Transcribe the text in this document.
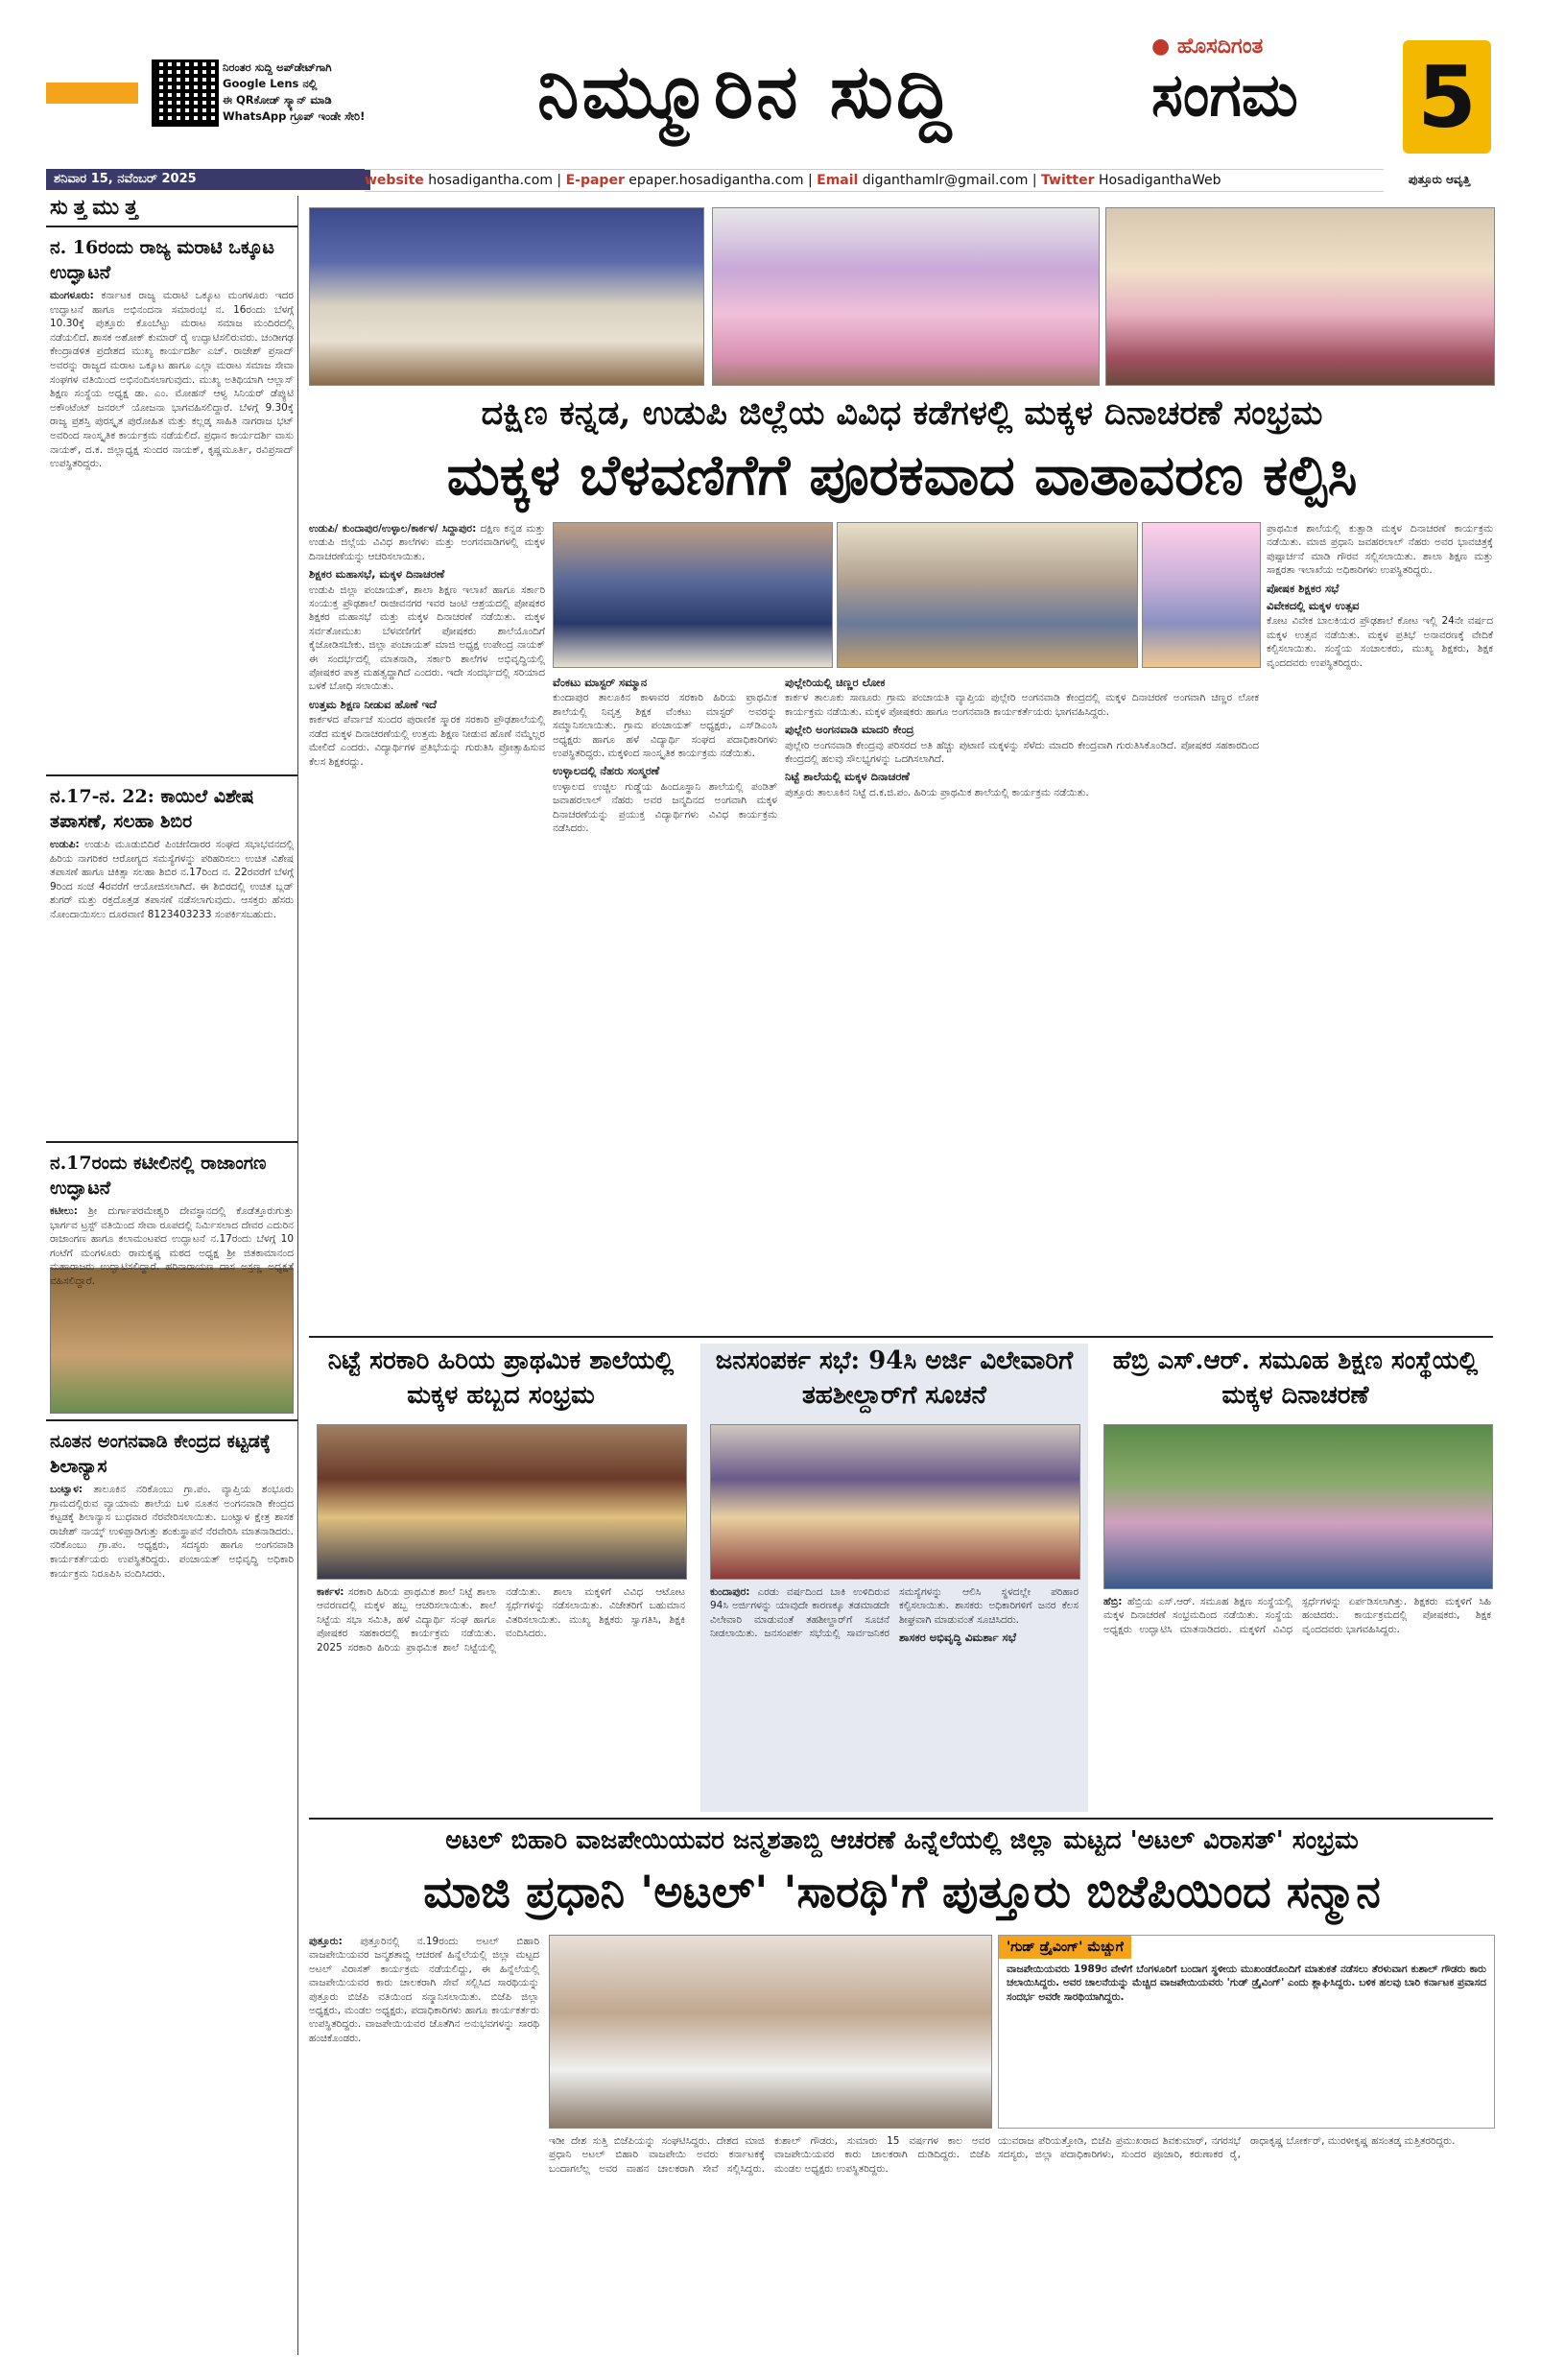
ನಿರಂತರ ಸುದ್ದಿ ಅಪ್‌ಡೇಟ್‌ಗಾಗಿ
Google Lens ನಲ್ಲಿ
ಈ QRಕೋಡ್ ಸ್ಕ್ಯಾನ್ ಮಾಡಿ
WhatsApp ಗ್ರೂಪ್ ಇಂಡೇ ಸೇರಿ!	ನಿಮ್ಮೂರಿನ ಸುದ್ದಿ
● ಹೊಸದಿಗಂತ
ಸಂಗಮ 5
ಶನಿವಾರ 15, ನವೆಂಬರ್ 2025	website hosadigantha.com | E-paper epaper.hosadigantha.com | Email diganthamlr@gmail.com | Twitter HosadiganthaWeb	ಪುತ್ತೂರು ಆವೃತ್ತಿ
ಸುತ್ತಮುತ್ತ
ನ. 16ರಂದು ರಾಜ್ಯ ಮರಾಟಿ ಒಕ್ಕೂಟ ಉದ್ಘಾಟನೆ
ಮಂಗಳೂರು: ಕರ್ನಾಟಕ ರಾಜ್ಯ ಮರಾಟಿ ಒಕ್ಕೂಟ ಮಂಗಳೂರು ಇದರ ಉದ್ಘಾಟನೆ ಹಾಗೂ ಅಭಿನಂದನಾ ಸಮಾರಂಭ ನ. 16ರಂದು ಬೆಳಗ್ಗೆ 10.30ಕ್ಕೆ ಪುತ್ತೂರು ಕೊಂಬೆಟ್ಟು ಮರಾಟ ಸಮಾಜ ಮಂದಿರದಲ್ಲಿ ನಡೆಯಲಿದೆ. ಶಾಸಕ ಅಶೋಕ್ ಕುಮಾರ್ ರೈ ಉದ್ಘಾಟಿಸಲಿರುವರು. ಚಂಡೀಗಢ ಕೇಂದ್ರಾಡಳಿತ ಪ್ರದೇಶದ ಮುಖ್ಯ ಕಾರ್ಯದರ್ಶಿ ಎಚ್. ರಾಜೇಶ್ ಪ್ರಸಾದ್ ಅವರನ್ನು ರಾಜ್ಯದ ಮರಾಟ ಒಕ್ಕೂಟ ಹಾಗೂ ಎಲ್ಲಾ ಮರಾಟ ಸಮಾಜ ಸೇವಾ ಸಂಘಗಳ ವತಿಯಿಂದ ಅಭಿನಂದಿಸಲಾಗುವುದು. ಮುಖ್ಯ ಅತಿಥಿಯಾಗಿ ಆಲ್ಲಾಸ್ ಶಿಕ್ಷಣ ಸಂಸ್ಥೆಯ ಅಧ್ಯಕ್ಷ ಡಾ. ಎಂ. ಮೋಹನ್ ಆಳ್ವ ಸಿನಿಯರ್ ಡೆಪ್ಯುಟಿ ಅಕೌಂಟೆಂಟ್ ಜನರಲ್ ಯೋಜನಾ ಭಾಗವಹಿಸಲಿದ್ದಾರೆ. ಬೆಳಗ್ಗೆ 9.30ಕ್ಕೆ ರಾಜ್ಯ ಪ್ರಶಸ್ತಿ ಪುರಸ್ಕೃತ ಪುರೋಹಿತ ಮತ್ತು ಕಲ್ಲಡ್ಕ ಸಾಹಿತಿ ನಾಗರಾಜ ಭಟ್ ಅವರಿಂದ ಸಾಂಸ್ಕೃತಿಕ ಕಾರ್ಯಕ್ರಮ ನಡೆಯಲಿದೆ. ಪ್ರಧಾನ ಕಾರ್ಯದರ್ಶಿ ವಾಸು ನಾಯಕ್, ದ.ಕ. ಜಿಲ್ಲಾಧ್ಯಕ್ಷ ಸುಂದರ ನಾಯಕ್, ಕೃಷ್ಣಮೂರ್ತಿ, ರವಿಪ್ರಸಾದ್ ಉಪಸ್ಥಿತರಿದ್ದರು.
ನ.17-ನ. 22: ಕಾಯಿಲೆ ವಿಶೇಷ ತಪಾಸಣೆ, ಸಲಹಾ ಶಿಬಿರ
ಉಡುಪಿ: ಉಡುಪಿ ಮೂಡುಬಿದಿರೆ ಪಿಂಚಣಿದಾರರ ಸಂಘದ ಸಭಾಭವನದಲ್ಲಿ ಹಿರಿಯ ನಾಗರಿಕರ ಆರೋಗ್ಯದ ಸಮಸ್ಯೆಗಳನ್ನು ಪರಿಹರಿಸಲು ಉಚಿತ ವಿಶೇಷ ತಪಾಸಣೆ ಹಾಗೂ ಚಿಕಿತ್ಸಾ ಸಲಹಾ ಶಿಬಿರ ನ.17ರಿಂದ ನ. 22ರವರೆಗೆ ಬೆಳಗ್ಗೆ 9ರಿಂದ ಸಂಜೆ 4ರವರೆಗೆ ಆಯೋಜಿಸಲಾಗಿದೆ. ಈ ಶಿಬಿರದಲ್ಲಿ ಉಚಿತ ಬ್ಲಡ್ ಶುಗರ್ ಮತ್ತು ರಕ್ತದೊತ್ತಡ ತಪಾಸಣೆ ನಡೆಸಲಾಗುವುದು. ಆಸಕ್ತರು ಹೆಸರು ನೋಂದಾಯಿಸಲು ದೂರವಾಣಿ 8123403233 ಸಂಪರ್ಕಿಸಬಹುದು.
ನ.17ರಂದು ಕಟೀಲಿನಲ್ಲಿ ರಾಜಾಂಗಣ ಉದ್ಘಾಟನೆ
ಕಟೀಲು: ಶ್ರೀ ದುರ್ಗಾಪರಮೇಶ್ವರಿ ದೇವಸ್ಥಾನದಲ್ಲಿ ಕೊಡೆತ್ತೂರುಗುತ್ತು ಭಾರ್ಗವ ಟ್ರಸ್ಟ್ ವತಿಯಿಂದ ಸೇವಾ ರೂಪದಲ್ಲಿ ನಿರ್ಮಿಸಲಾದ ದೇವರ ಎದುರಿನ ರಾಜಾಂಗಣ ಹಾಗೂ ಕಲಾಮಂಟಪದ ಉದ್ಘಾಟನೆ ನ.17ರಂದು ಬೆಳಗ್ಗೆ 10 ಗಂಟೆಗೆ ಮಂಗಳೂರು ರಾಮಕೃಷ್ಣ ಮಠದ ಅಧ್ಯಕ್ಷ ಶ್ರೀ ಜಿತಕಾಮಾನಂದ ಮಹಾರಾಜರು ಉದ್ಘಾಟಿಸಲಿದ್ದಾರೆ. ಹರಿನಾರಾಯಣ ದಾಸ ಅಸ್ರಣ್ಣ ಅಧ್ಯಕ್ಷತೆ ವಹಿಸಲಿದ್ದಾರೆ.
ನೂತನ ಅಂಗನವಾಡಿ ಕೇಂದ್ರದ ಕಟ್ಟಡಕ್ಕೆ ಶಿಲಾನ್ಯಾಸ
ಬಂಟ್ವಾಳ: ತಾಲೂಕಿನ ನರಿಕೊಂಬು ಗ್ರಾ.ಪಂ. ವ್ಯಾಪ್ತಿಯ ಶಂಭೂರು ಗ್ರಾಮದಲ್ಲಿರುವ ವ್ಯಾಯಾಮ ಶಾಲೆಯ ಬಳಿ ನೂತನ ಅಂಗನವಾಡಿ ಕೇಂದ್ರದ ಕಟ್ಟಡಕ್ಕೆ ಶಿಲಾನ್ಯಾಸ ಬುಧವಾರ ನೆರವೇರಿಸಲಾಯಿತು. ಬಂಟ್ವಾಳ ಕ್ಷೇತ್ರ ಶಾಸಕ ರಾಜೇಶ್ ನಾಯ್ಕ್ ಉಳಿಪ್ಪಾಡಿಗುತ್ತು ಶಂಕುಸ್ಥಾಪನೆ ನೆರವೇರಿಸಿ ಮಾತನಾಡಿದರು. ನರಿಕೊಂಬು ಗ್ರಾ.ಪಂ. ಅಧ್ಯಕ್ಷರು, ಸದಸ್ಯರು ಹಾಗೂ ಅಂಗನವಾಡಿ ಕಾರ್ಯಕರ್ತೆಯರು ಉಪಸ್ಥಿತರಿದ್ದರು. ಪಂಚಾಯತ್ ಅಭಿವೃದ್ಧಿ ಅಧಿಕಾರಿ ಕಾರ್ಯಕ್ರಮ ನಿರೂಪಿಸಿ ವಂದಿಸಿದರು.
ದಕ್ಷಿಣ ಕನ್ನಡ, ಉಡುಪಿ ಜಿಲ್ಲೆಯ ವಿವಿಧ ಕಡೆಗಳಲ್ಲಿ ಮಕ್ಕಳ ದಿನಾಚರಣೆ ಸಂಭ್ರಮ
ಮಕ್ಕಳ ಬೆಳವಣಿಗೆಗೆ ಪೂರಕವಾದ ವಾತಾವರಣ ಕಲ್ಪಿಸಿ
ಉಡುಪಿ/ ಕುಂದಾಪುರ/ಉಳ್ಳಾಲ/ಕಾರ್ಕಳ/ ಸಿದ್ದಾಪುರ: ದಕ್ಷಿಣ ಕನ್ನಡ ಮತ್ತು ಉಡುಪಿ ಜಿಲ್ಲೆಯ ವಿವಿಧ ಶಾಲೆಗಳು ಮತ್ತು ಅಂಗನವಾಡಿಗಳಲ್ಲಿ ಮಕ್ಕಳ ದಿನಾಚರಣೆಯನ್ನು ಆಚರಿಸಲಾಯಿತು.
ಶಿಕ್ಷಕರ ಮಹಾಸಭೆ, ಮಕ್ಕಳ ದಿನಾಚರಣೆ
ಉಡುಪಿ ಜಿಲ್ಲಾ ಪಂಚಾಯತ್, ಶಾಲಾ ಶಿಕ್ಷಣ ಇಲಾಖೆ ಹಾಗೂ ಸರ್ಕಾರಿ ಸಂಯುಕ್ತ ಪ್ರೌಢಶಾಲೆ ರಾಜೀವನಗರ ಇವರ ಜಂಟಿ ಆಶ್ರಯದಲ್ಲಿ ಪೋಷಕರ ಶಿಕ್ಷಕರ ಮಹಾಸಭೆ ಮತ್ತು ಮಕ್ಕಳ ದಿನಾಚರಣೆ ನಡೆಯಿತು. ಮಕ್ಕಳ ಸರ್ವತೋಮುಖ ಬೆಳವಣಿಗೆಗೆ ಪೋಷಕರು ಶಾಲೆಯೊಂದಿಗೆ ಕೈಜೋಡಿಸಬೇಕು. ಜಿಲ್ಲಾ ಪಂಚಾಯತ್ ಮಾಜಿ ಅಧ್ಯಕ್ಷ ಉಪೇಂದ್ರ ನಾಯಕ್ ಈ ಸಂದರ್ಭದಲ್ಲಿ ಮಾತನಾಡಿ, ಸರ್ಕಾರಿ ಶಾಲೆಗಳ ಅಭಿವೃದ್ಧಿಯಲ್ಲಿ ಪೋಷಕರ ಪಾತ್ರ ಮಹತ್ವದ್ದಾಗಿದೆ ಎಂದರು. ಇದೇ ಸಂದರ್ಭದಲ್ಲಿ ಸರಿಯಾದ ಬಳಕೆ ಬೋಧಿ ಸಲಾಯಿತು.
ಉತ್ತಮ ಶಿಕ್ಷಣ ನೀಡುವ ಹೊಣೆ ಇದೆ
ಕಾರ್ಕಳದ ಪೆರ್ವಾಜೆ ಸುಂದರ ಪುರಾಣಿಕ ಸ್ಮಾರಕ ಸರಕಾರಿ ಪ್ರೌಢಶಾಲೆಯಲ್ಲಿ ನಡೆದ ಮಕ್ಕಳ ದಿನಾಚರಣೆಯಲ್ಲಿ ಉತ್ತಮ ಶಿಕ್ಷಣ ನೀಡುವ ಹೊಣೆ ನಮ್ಮೆಲ್ಲರ ಮೇಲಿದೆ ಎಂದರು. ವಿದ್ಯಾರ್ಥಿಗಳ ಪ್ರತಿಭೆಯನ್ನು ಗುರುತಿಸಿ ಪ್ರೋತ್ಸಾಹಿಸುವ ಕೆಲಸ ಶಿಕ್ಷಕರದ್ದು.
ವೆಂಕಟು ಮಾಸ್ಟರ್ ಸಮ್ಮಾನ
ಕುಂದಾಪುರ ತಾಲೂಕಿನ ಕಾಳಾವರ ಸರಕಾರಿ ಹಿರಿಯ ಪ್ರಾಥಮಿಕ ಶಾಲೆಯಲ್ಲಿ ನಿವೃತ್ತ ಶಿಕ್ಷಕ ವೆಂಕಟು ಮಾಸ್ಟರ್ ಅವರನ್ನು ಸಮ್ಮಾನಿಸಲಾಯಿತು. ಗ್ರಾಮ ಪಂಚಾಯತ್ ಅಧ್ಯಕ್ಷರು, ಎಸ್‌ಡಿಎಂಸಿ ಅಧ್ಯಕ್ಷರು ಹಾಗೂ ಹಳೆ ವಿದ್ಯಾರ್ಥಿ ಸಂಘದ ಪದಾಧಿಕಾರಿಗಳು ಉಪಸ್ಥಿತರಿದ್ದರು. ಮಕ್ಕಳಿಂದ ಸಾಂಸ್ಕೃತಿಕ ಕಾರ್ಯಕ್ರಮ ನಡೆಯಿತು.
ಉಳ್ಳಾಲದಲ್ಲಿ ನೆಹರು ಸಂಸ್ಮರಣೆ
ಉಳ್ಳಾಲದ ಉಚ್ಚಿಲ ಗುಡ್ಡೆಯ ಹಿಂದೂಸ್ಥಾನಿ ಶಾಲೆಯಲ್ಲಿ ಪಂಡಿತ್ ಜವಾಹರಲಾಲ್ ನೆಹರು ಅವರ ಜನ್ಮದಿನದ ಅಂಗವಾಗಿ ಮಕ್ಕಳ ದಿನಾಚರಣೆಯನ್ನು ಪ್ರಯುಕ್ತ ವಿದ್ಯಾರ್ಥಿಗಳು ವಿವಿಧ ಕಾರ್ಯಕ್ರಮ ನಡೆಸಿದರು.
ಪುಲ್ಲೇರಿಯಲ್ಲಿ ಚಿಣ್ಣರ ಲೋಕ
ಕಾರ್ಕಳ ತಾಲೂಕು ಸಾಣೂರು ಗ್ರಾಮ ಪಂಚಾಯತಿ ವ್ಯಾಪ್ತಿಯ ಪುಲ್ಲೇರಿ ಅಂಗನವಾಡಿ ಕೇಂದ್ರದಲ್ಲಿ ಮಕ್ಕಳ ದಿನಾಚರಣೆ ಅಂಗವಾಗಿ ಚಿಣ್ಣರ ಲೋಕ ಕಾರ್ಯಕ್ರಮ ನಡೆಯಿತು. ಮಕ್ಕಳ ಪೋಷಕರು ಹಾಗೂ ಅಂಗನವಾಡಿ ಕಾರ್ಯಕರ್ತೆಯರು ಭಾಗವಹಿಸಿದ್ದರು.
ಪುಲ್ಲೇರಿ ಅಂಗನವಾಡಿ ಮಾದರಿ ಕೇಂದ್ರ
ಪುಲ್ಲೇರಿ ಅಂಗನವಾಡಿ ಕೇಂದ್ರವು ಪರಿಸರದ ಅತಿ ಹೆಚ್ಚು ಪುಟಾಣಿ ಮಕ್ಕಳನ್ನು ಸೆಳೆದು ಮಾದರಿ ಕೇಂದ್ರವಾಗಿ ಗುರುತಿಸಿಕೊಂಡಿದೆ. ಪೋಷಕರ ಸಹಕಾರದಿಂದ ಕೇಂದ್ರದಲ್ಲಿ ಹಲವು ಸೌಲಭ್ಯಗಳನ್ನು ಒದಗಿಸಲಾಗಿದೆ.
ನಿಟ್ಟೆ ಶಾಲೆಯಲ್ಲಿ ಮಕ್ಕಳ ದಿನಾಚರಣೆ
ಪುತ್ತೂರು ತಾಲೂಕಿನ ನಿಟ್ಟೆ ದ.ಕ.ಜಿ.ಪಂ. ಹಿರಿಯ ಪ್ರಾಥಮಿಕ ಶಾಲೆಯಲ್ಲಿ ಕಾರ್ಯಕ್ರಮ ನಡೆಯಿತು.
ಪ್ರಾಥಮಿಕ ಶಾಲೆಯಲ್ಲಿ ಕುತ್ಪಾಡಿ ಮಕ್ಕಳ ದಿನಾಚರಣೆ ಕಾರ್ಯಕ್ರಮ ನಡೆಯಿತು. ಮಾಜಿ ಪ್ರಧಾನಿ ಜವಹರಲಾಲ್ ನೆಹರು ಅವರ ಭಾವಚಿತ್ರಕ್ಕೆ ಪುಷ್ಪಾರ್ಚನೆ ಮಾಡಿ ಗೌರವ ಸಲ್ಲಿಸಲಾಯಿತು. ಶಾಲಾ ಶಿಕ್ಷಣ ಮತ್ತು ಸಾಕ್ಷರತಾ ಇಲಾಖೆಯ ಅಧಿಕಾರಿಗಳು ಉಪಸ್ಥಿತರಿದ್ದರು.
ಪೋಷಕ ಶಿಕ್ಷಕರ ಸಭೆ
ವಿವೇಕದಲ್ಲಿ ಮಕ್ಕಳ ಉತ್ಸವ
ಕೋಟ ವಿವೇಕ ಬಾಲಕಿಯರ ಪ್ರೌಢಶಾಲೆ ಕೋಟ ಇಲ್ಲಿ 24ನೇ ವರ್ಷದ ಮಕ್ಕಳ ಉತ್ಸವ ನಡೆಯಿತು. ಮಕ್ಕಳ ಪ್ರತಿಭೆ ಅನಾವರಣಕ್ಕೆ ವೇದಿಕೆ ಕಲ್ಪಿಸಲಾಯಿತು. ಸಂಸ್ಥೆಯ ಸಂಚಾಲಕರು, ಮುಖ್ಯ ಶಿಕ್ಷಕರು, ಶಿಕ್ಷಕ ವೃಂದದವರು ಉಪಸ್ಥಿತರಿದ್ದರು.
ನಿಟ್ಟೆ ಸರಕಾರಿ ಹಿರಿಯ ಪ್ರಾಥಮಿಕ ಶಾಲೆಯಲ್ಲಿ ಮಕ್ಕಳ ಹಬ್ಬದ ಸಂಭ್ರಮ
ಕಾರ್ಕಳ: ಸರಕಾರಿ ಹಿರಿಯ ಪ್ರಾಥಮಿಕ ಶಾಲೆ ನಿಟ್ಟೆ ಶಾಲಾ ಆವರಣದಲ್ಲಿ ಮಕ್ಕಳ ಹಬ್ಬ ಆಚರಿಸಲಾಯಿತು. ಶಾಲೆ ನಿಟ್ಟೆಯ ಸಭಾ ಸಮಿತಿ, ಹಳೆ ವಿದ್ಯಾರ್ಥಿ ಸಂಘ ಹಾಗೂ ಪೋಷಕರ ಸಹಕಾರದಲ್ಲಿ ಕಾರ್ಯಕ್ರಮ ನಡೆಯಿತು. 2025 ಸರಕಾರಿ ಹಿರಿಯ ಪ್ರಾಥಮಿಕ ಶಾಲೆ ನಿಟ್ಟೆಯಲ್ಲಿ ನಡೆಯಿತು. ಶಾಲಾ ಮಕ್ಕಳಿಗೆ ವಿವಿಧ ಆಟೋಟ ಸ್ಪರ್ಧೆಗಳನ್ನು ನಡೆಸಲಾಯಿತು. ವಿಜೇತರಿಗೆ ಬಹುಮಾನ ವಿತರಿಸಲಾಯಿತು. ಮುಖ್ಯ ಶಿಕ್ಷಕರು ಸ್ವಾಗತಿಸಿ, ಶಿಕ್ಷಕಿ ವಂದಿಸಿದರು.
ಜನಸಂಪರ್ಕ ಸಭೆ: 94ಸಿ ಅರ್ಜಿ ವಿಲೇವಾರಿಗೆ ತಹಶೀಲ್ದಾರ್‌ಗೆ ಸೂಚನೆ
ಕುಂದಾಪುರ: ಎರಡು ವರ್ಷದಿಂದ ಬಾಕಿ ಉಳಿದಿರುವ 94ಸಿ ಅರ್ಜಿಗಳನ್ನು ಯಾವುದೇ ಕಾರಣಕ್ಕೂ ತಡಮಾಡದೇ ವಿಲೇವಾರಿ ಮಾಡುವಂತೆ ತಹಶೀಲ್ದಾರ್‌ಗೆ ಸೂಚನೆ ನೀಡಲಾಯಿತು. ಜನಸಂಪರ್ಕ ಸಭೆಯಲ್ಲಿ ಸಾರ್ವಜನಿಕರ ಸಮಸ್ಯೆಗಳನ್ನು ಆಲಿಸಿ ಸ್ಥಳದಲ್ಲೇ ಪರಿಹಾರ ಕಲ್ಪಿಸಲಾಯಿತು. ಶಾಸಕರು ಅಧಿಕಾರಿಗಳಿಗೆ ಜನರ ಕೆಲಸ ಶೀಘ್ರವಾಗಿ ಮಾಡುವಂತೆ ಸೂಚಿಸಿದರು.
ಶಾಸಕರ ಅಭಿವೃದ್ಧಿ ವಿಮರ್ಶಾ ಸಭೆ
ಹೆಬ್ರಿ ಎಸ್.ಆರ್. ಸಮೂಹ ಶಿಕ್ಷಣ ಸಂಸ್ಥೆಯಲ್ಲಿ ಮಕ್ಕಳ ದಿನಾಚರಣೆ
ಹೆಬ್ರಿ: ಹೆಬ್ರಿಯ ಎಸ್.ಆರ್. ಸಮೂಹ ಶಿಕ್ಷಣ ಸಂಸ್ಥೆಯಲ್ಲಿ ಮಕ್ಕಳ ದಿನಾಚರಣೆ ಸಂಭ್ರಮದಿಂದ ನಡೆಯಿತು. ಸಂಸ್ಥೆಯ ಅಧ್ಯಕ್ಷರು ಉದ್ಘಾಟಿಸಿ ಮಾತನಾಡಿದರು. ಮಕ್ಕಳಿಗೆ ವಿವಿಧ ಸ್ಪರ್ಧೆಗಳನ್ನು ಏರ್ಪಡಿಸಲಾಗಿತ್ತು. ಶಿಕ್ಷಕರು ಮಕ್ಕಳಿಗೆ ಸಿಹಿ ಹಂಚಿದರು. ಕಾರ್ಯಕ್ರಮದಲ್ಲಿ ಪೋಷಕರು, ಶಿಕ್ಷಕ ವೃಂದದವರು ಭಾಗವಹಿಸಿದ್ದರು.
ಅಟಲ್ ಬಿಹಾರಿ ವಾಜಪೇಯಿಯವರ ಜನ್ಮಶತಾಬ್ದಿ ಆಚರಣೆ ಹಿನ್ನೆಲೆಯಲ್ಲಿ ಜಿಲ್ಲಾ ಮಟ್ಟದ 'ಅಟಲ್ ವಿರಾಸತ್' ಸಂಭ್ರಮ
ಮಾಜಿ ಪ್ರಧಾನಿ 'ಅಟಲ್' 'ಸಾರಥಿ'ಗೆ ಪುತ್ತೂರು ಬಿಜೆಪಿಯಿಂದ ಸನ್ಮಾನ
ಪುತ್ತೂರು: ಪುತ್ತೂರಿನಲ್ಲಿ ನ.19ರಂದು ಅಟಲ್ ಬಿಹಾರಿ ವಾಜಪೇಯಿಯವರ ಜನ್ಮಶತಾಬ್ದಿ ಆಚರಣೆ ಹಿನ್ನೆಲೆಯಲ್ಲಿ ಜಿಲ್ಲಾ ಮಟ್ಟದ ಅಟಲ್ ವಿರಾಸತ್ ಕಾರ್ಯಕ್ರಮ ನಡೆಯಲಿದ್ದು, ಈ ಹಿನ್ನೆಲೆಯಲ್ಲಿ ವಾಜಪೇಯಿಯವರ ಕಾರು ಚಾಲಕರಾಗಿ ಸೇವೆ ಸಲ್ಲಿಸಿದ ಸಾರಥಿಯನ್ನು ಪುತ್ತೂರು ಬಿಜೆಪಿ ವತಿಯಿಂದ ಸನ್ಮಾನಿಸಲಾಯಿತು. ಬಿಜೆಪಿ ಜಿಲ್ಲಾ ಅಧ್ಯಕ್ಷರು, ಮಂಡಲ ಅಧ್ಯಕ್ಷರು, ಪದಾಧಿಕಾರಿಗಳು ಹಾಗೂ ಕಾರ್ಯಕರ್ತರು ಉಪಸ್ಥಿತರಿದ್ದರು. ವಾಜಪೇಯಿಯವರ ಜೊತೆಗಿನ ಅನುಭವಗಳನ್ನು ಸಾರಥಿ ಹಂಚಿಕೊಂಡರು.
ಇಡೀ ದೇಶ ಸುತ್ತಿ ಬಿಜೆಪಿಯನ್ನು ಸಂಘಟಿಸಿದ್ದರು. ದೇಶದ ಮಾಜಿ ಪ್ರಧಾನಿ ಅಟಲ್ ಬಿಹಾರಿ ವಾಜಪೇಯಿ ಅವರು ಕರ್ನಾಟಕಕ್ಕೆ ಬಂದಾಗಲೆಲ್ಲ ಅವರ ವಾಹನ ಚಾಲಕರಾಗಿ ಸೇವೆ ಸಲ್ಲಿಸಿದ್ದರು. ಕುಶಾಲ್ ಗೌಡರು, ಸುಮಾರು 15 ವರ್ಷಗಳ ಕಾಲ ಅವರ ವಾಜಪೇಯಿಯವರ ಕಾರು ಚಾಲಕರಾಗಿ ದುಡಿದಿದ್ದರು. ಬಿಜೆಪಿ ಮಂಡಲ ಅಧ್ಯಕ್ಷರು ಉಪಸ್ಥಿತರಿದ್ದರು.
'ಗುಡ್ ಡ್ರೈವಿಂಗ್' ಮೆಚ್ಚುಗೆ
ವಾಜಪೇಯಿಯವರು 1989ರ ವೇಳೆಗೆ ಬೆಂಗಳೂರಿಗೆ ಬಂದಾಗ ಸ್ಥಳೀಯ ಮುಖಂಡರೊಂದಿಗೆ ಮಾತುಕತೆ ನಡೆಸಲು ತೆರಳುವಾಗ ಕುಶಾಲ್ ಗೌಡರು ಕಾರು ಚಲಾಯಿಸಿದ್ದರು. ಅವರ ಚಾಲನೆಯನ್ನು ಮೆಚ್ಚಿದ ವಾಜಪೇಯಿಯವರು 'ಗುಡ್ ಡ್ರೈವಿಂಗ್' ಎಂದು ಶ್ಲಾಘಿಸಿದ್ದರು. ಬಳಿಕ ಹಲವು ಬಾರಿ ಕರ್ನಾಟಕ ಪ್ರವಾಸದ ಸಂದರ್ಭ ಅವರೇ ಸಾರಥಿಯಾಗಿದ್ದರು.
ಯುವರಾಜ ಪೆರಿಯತ್ತೋಡಿ, ಬಿಜೆಪಿ ಪ್ರಮುಖರಾದ ಶಿವಕುಮಾರ್, ನಗರಸಭೆ ಸದಸ್ಯರು, ಜಿಲ್ಲಾ ಪದಾಧಿಕಾರಿಗಳು, ಸುಂದರ ಪೂಜಾರಿ, ಕರುಣಾಕರ ರೈ, ರಾಧಾಕೃಷ್ಣ ಬೋರ್ಕರ್, ಮುರಳೀಕೃಷ್ಣ ಹಸಂತಡ್ಕ ಮತ್ತಿತರರಿದ್ದರು.
